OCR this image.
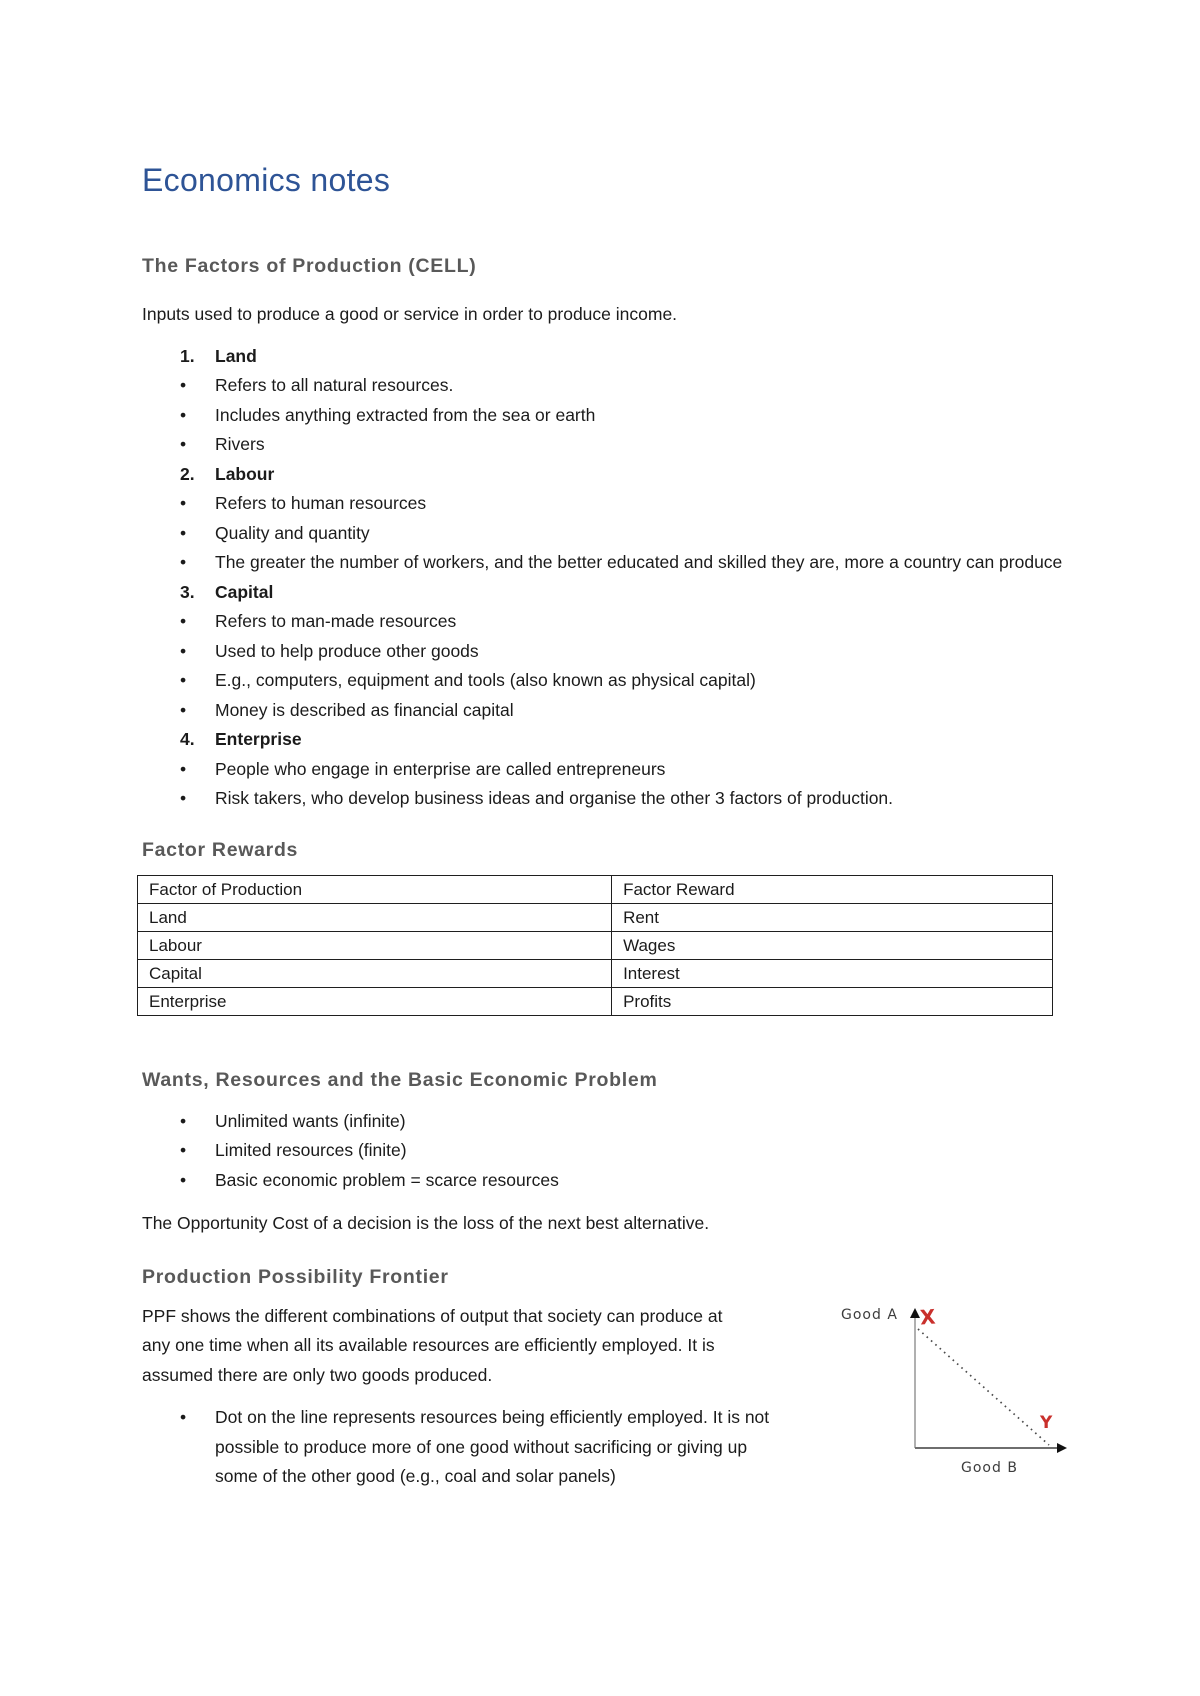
Economics notes
The Factors of Production (CELL)

Inputs used to produce a good or service in order to produce income.

1.	Land
•	Refers to all natural resources.
•	Includes anything extracted from the sea or earth
•	Rivers
2.	Labour
•	Refers to human resources
•	Quality and quantity
•	The greater the number of workers, and the better educated and skilled they are, more a country can produce
3.	Capital
•	Refers to man-made resources
•	Used to help produce other goods
•	E.g., computers, equipment and tools (also known as physical capital)
•	Money is described as financial capital
4.	Enterprise
•	People who engage in enterprise are called entrepreneurs
•	Risk takers, who develop business ideas and organise the other 3 factors of production.
Factor Rewards
Factor of Production	Factor Reward
Land	Rent
Labour	Wages
Capital	Interest
Enterprise	Profits
Wants, Resources and the Basic Economic Problem
•	Unlimited wants (infinite)
•	Limited resources (finite)
•	Basic economic problem = scarce resources

The Opportunity Cost of a decision is the loss of the next best alternative.

Production Possibility Frontier

PPF shows the different combinations of output that society can produce at any one time when all its available resources are efficiently employed. It is assumed there are only two goods produced.

•	Dot on the line represents resources being efficiently employed. It is not possible to produce more of one good without sacrificing or giving up some of the other good (e.g., coal and solar panels)
Good A
Good B
X
Y
